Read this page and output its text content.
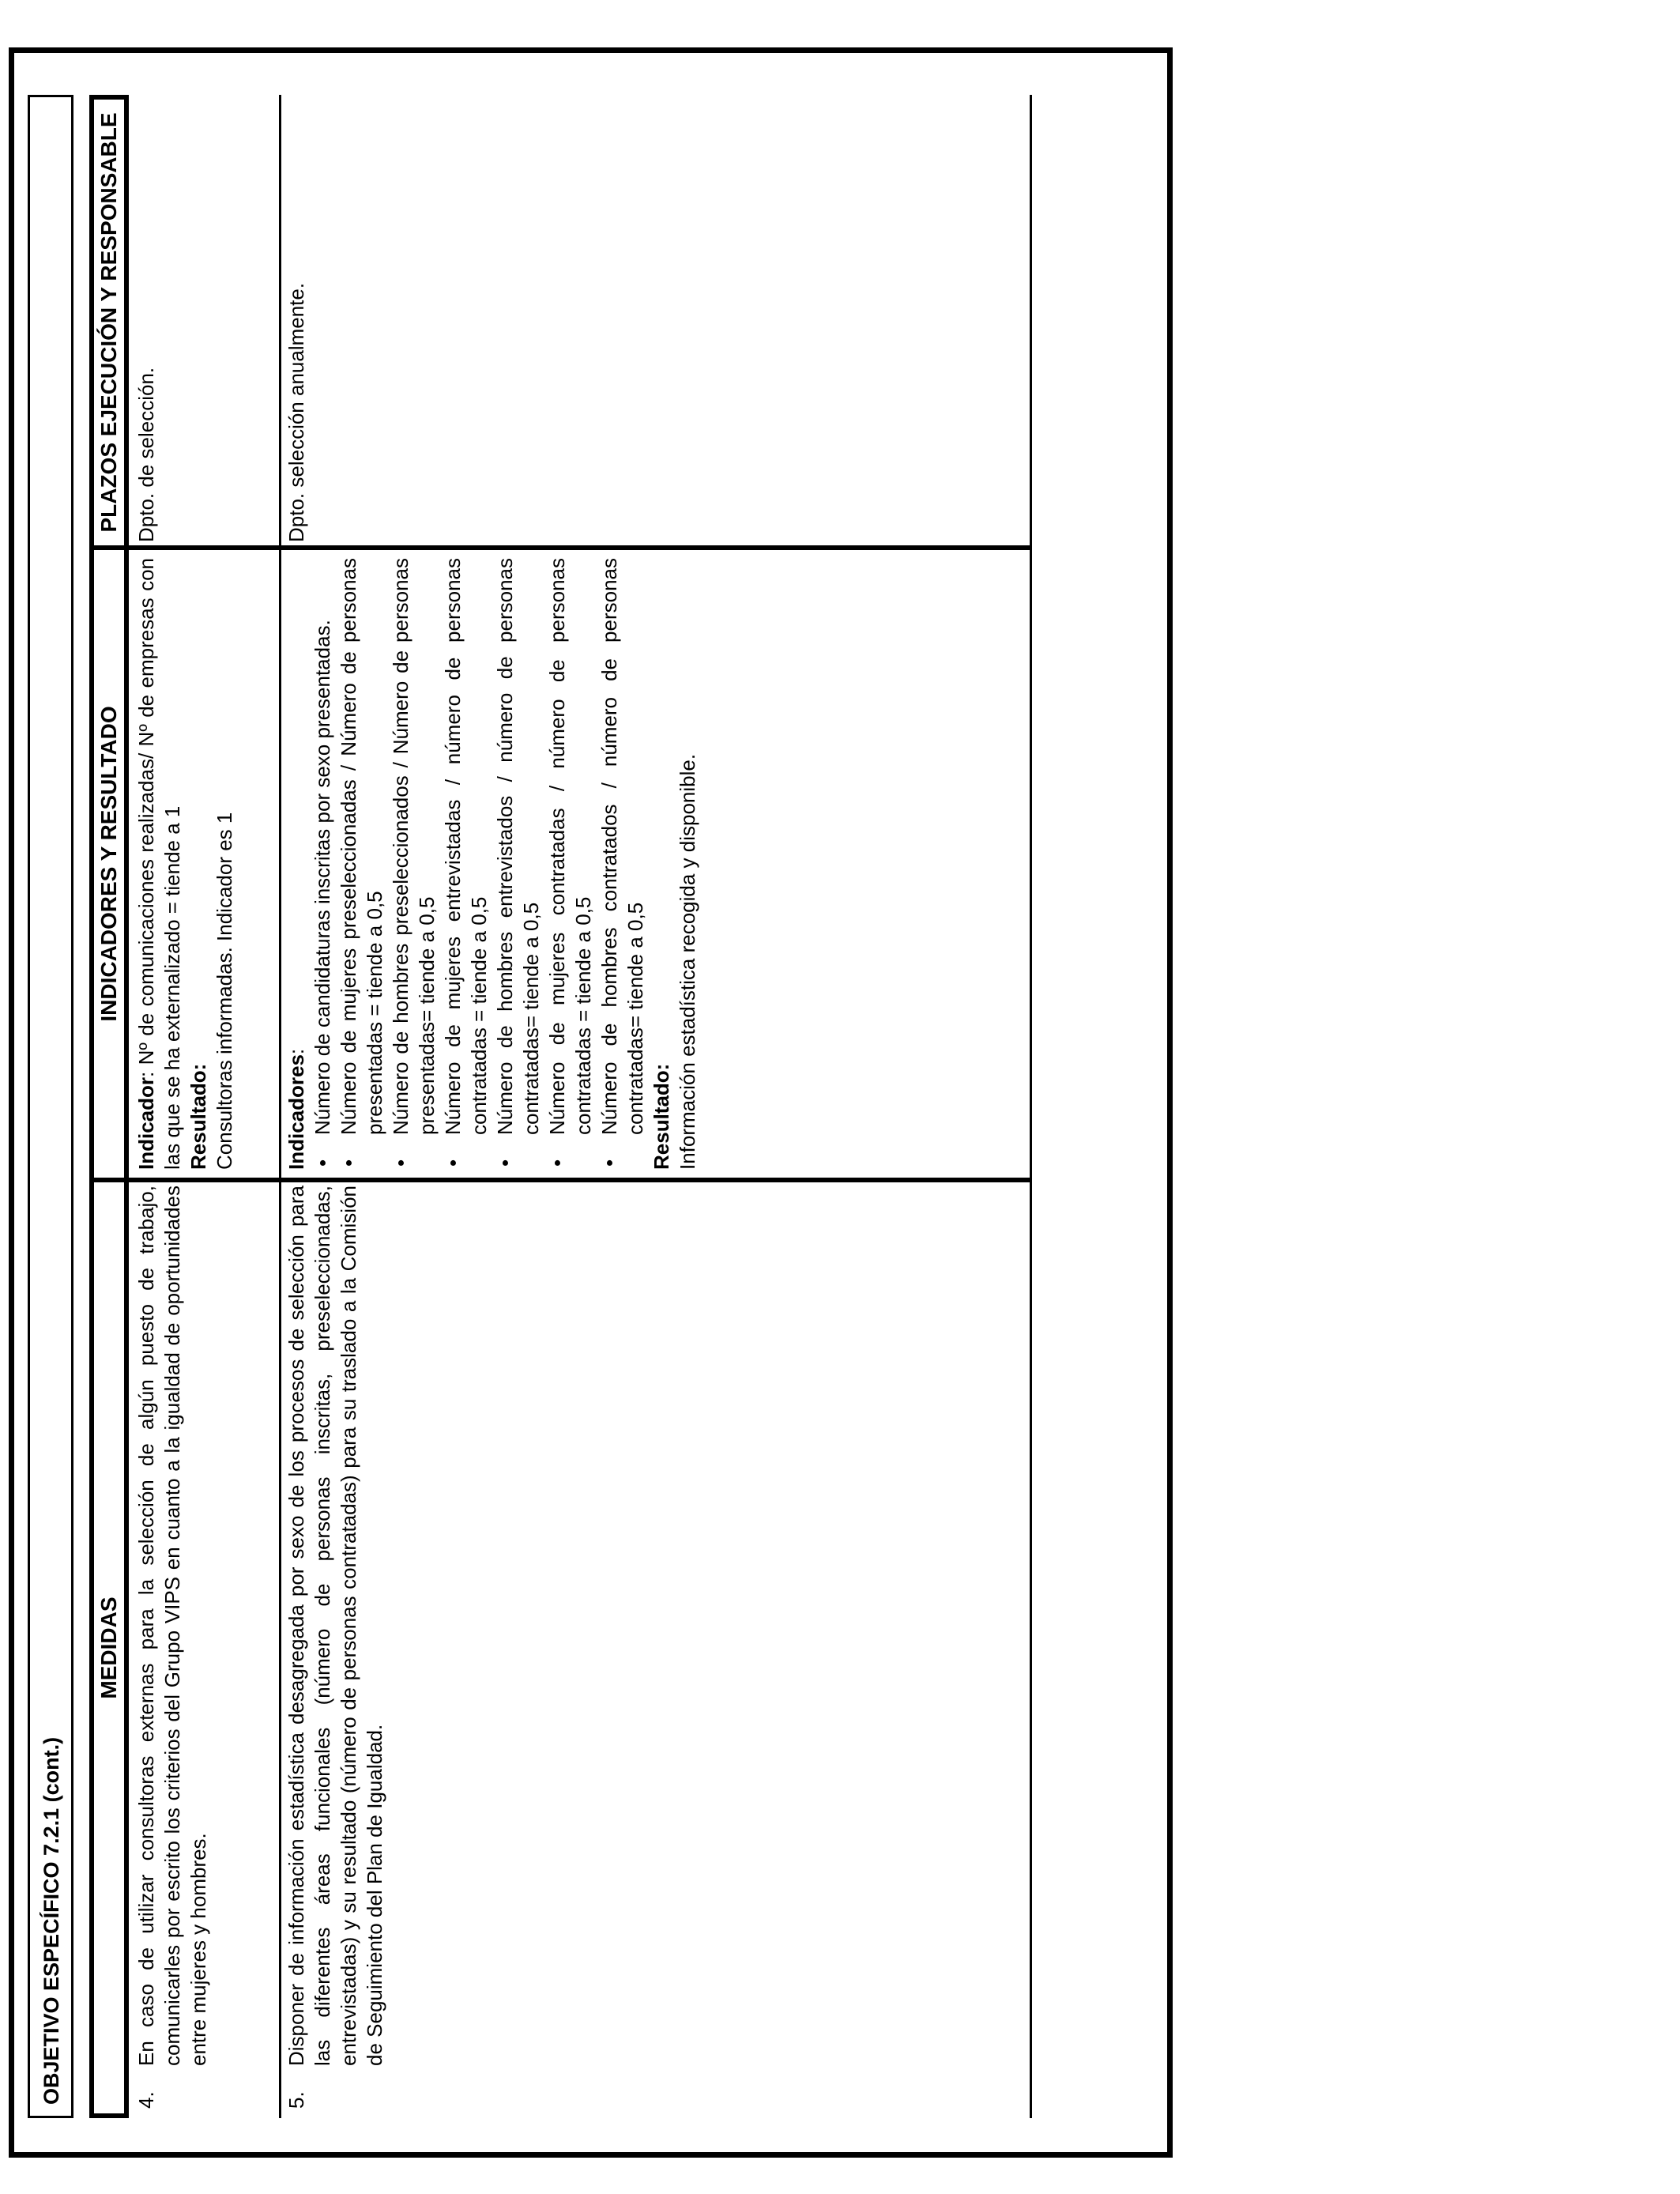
OBJETIVO ESPECÍFICO 7.2.1 (cont.)
MEDIDAS
INDICADORES Y RESULTADO
PLAZOS EJECUCIÓN Y RESPONSABLE
4.
En caso de utilizar consultoras externas para la selección de algún puesto de trabajo, comunicarles por escrito los criterios del Grupo VIPS en cuanto a la igualdad de oportunidades entre mujeres y hombres.
Indicador: Nº de comunicaciones realizadas/ Nº de empresas con las que se ha externalizado = tiende a 1 Resultado: Consultoras informadas. Indicador es 1
Dpto. de selección.
5.
Disponer de información estadística desagregada por sexo de los procesos de selección para las diferentes áreas funcionales (número de personas inscritas, preseleccionadas, entrevistadas) y su resultado (número de personas contratadas) para su traslado a la Comisión de Seguimiento del Plan de Igualdad.
Indicadores:
•
Número de candidaturas inscritas por sexo presentadas.
•
Número de mujeres preseleccionadas / Número de personas presentadas = tiende a 0,5
•
Número de hombres preseleccionados / Número de personas presentadas= tiende a 0,5
•
Número de mujeres entrevistadas / número de personas contratadas = tiende a 0,5
•
Número de hombres entrevistados / número de personas contratadas= tiende a 0,5
•
Número de mujeres contratadas / número de personas contratadas = tiende a 0,5
•
Número de hombres contratados / número de personas contratadas= tiende a 0,5 Resultado: Información estadística recogida y disponible.
Dpto. selección anualmente.
